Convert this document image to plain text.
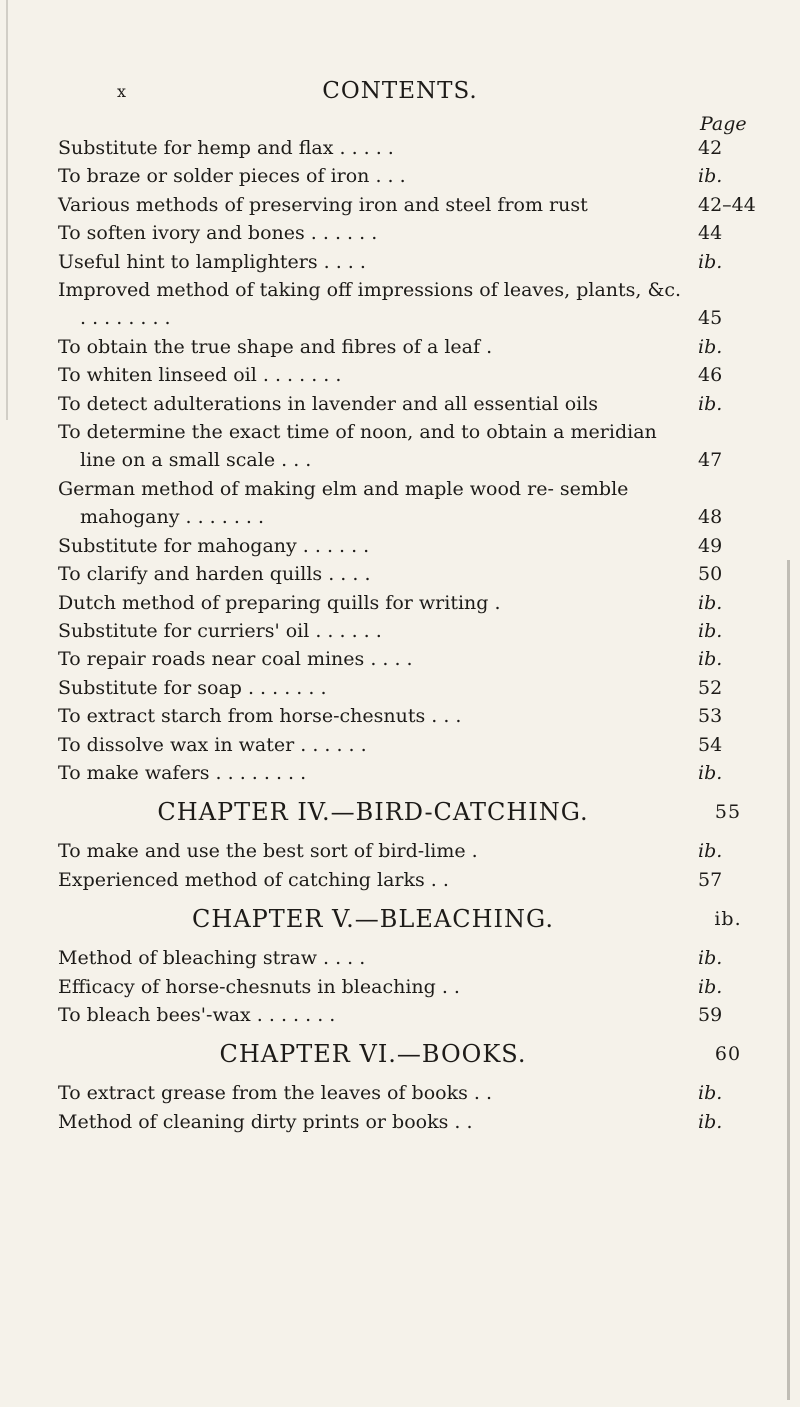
x	CONTENTS.
Page
Substitute for hemp and flax . . . . .	42
To braze or solder pieces of iron . . .	ib.
Various methods of preserving iron and steel from rust	42–44
To soften ivory and bones . . . . . .	44
Useful hint to lamplighters . . . .	ib.
Improved method of taking off impressions of leaves, plants, &c. . . . . . . . .	45
To obtain the true shape and fibres of a leaf .	ib.
To whiten linseed oil . . . . . . .	46
To detect adulterations in lavender and all essential oils	ib.
To determine the exact time of noon, and to obtain a meridian line on a small scale . . .	47
German method of making elm and maple wood re- semble mahogany . . . . . . .	48
Substitute for mahogany . . . . . .	49
To clarify and harden quills . . . .	50
Dutch method of preparing quills for writing .	ib.
Substitute for curriers' oil . . . . . .	ib.
To repair roads near coal mines . . . .	ib.
Substitute for soap . . . . . . .	52
To extract starch from horse-chesnuts . . .	53
To dissolve wax in water . . . . . .	54
To make wafers . . . . . . . .	ib.
CHAPTER IV.—BIRD-CATCHING.	55
To make and use the best sort of bird-lime .	ib.
Experienced method of catching larks . .	57
CHAPTER V.—BLEACHING.	ib.
Method of bleaching straw . . . .	ib.
Efficacy of horse-chesnuts in bleaching . .	ib.
To bleach bees'-wax . . . . . . .	59
CHAPTER VI.—BOOKS.	60
To extract grease from the leaves of books . .	ib.
Method of cleaning dirty prints or books . .	ib.
